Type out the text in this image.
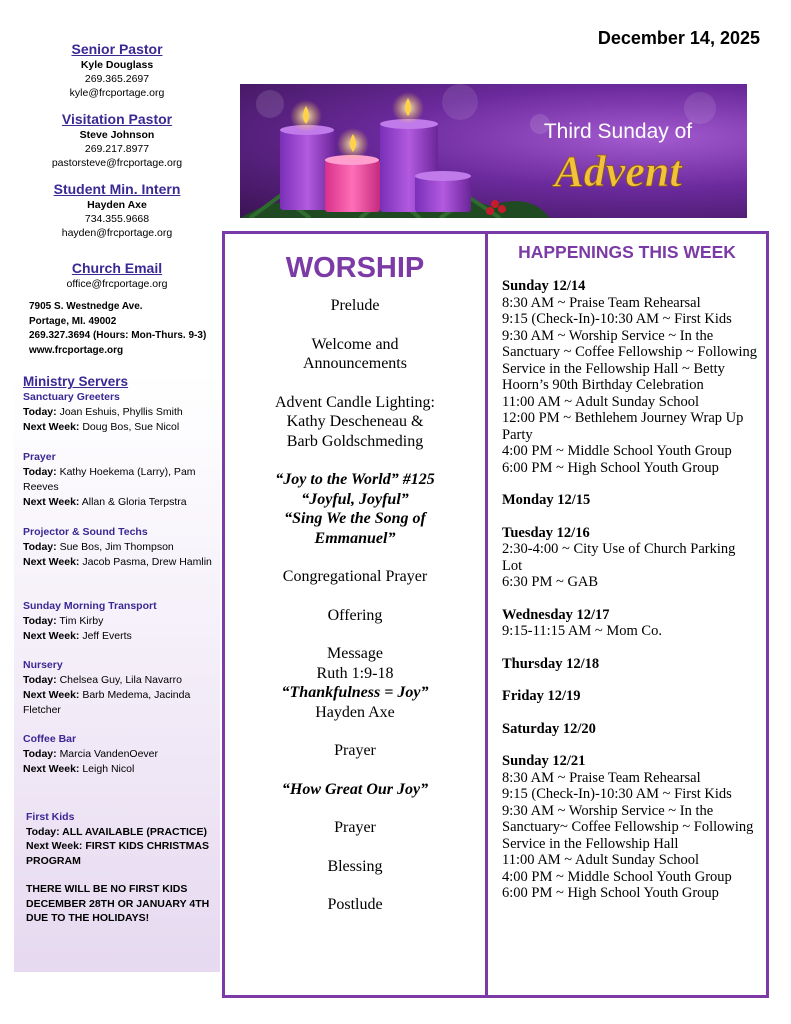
December 14, 2025
Senior Pastor
Kyle Douglass
269.365.2697
kyle@frcportage.org
Visitation Pastor
Steve Johnson
269.217.8977
pastorsteve@frcportage.org
Student Min. Intern
Hayden Axe
734.355.9668
hayden@frcportage.org
Church Email
office@frcportage.org
7905 S. Westnedge Ave.
Portage, MI. 49002
269.327.3694 (Hours: Mon-Thurs. 9-3)
www.frcportage.org
Ministry Servers
Sanctuary Greeters
Today: Joan Eshuis, Phyllis Smith
Next Week: Doug Bos, Sue Nicol
Prayer
Today: Kathy Hoekema (Larry), Pam Reeves
Next Week: Allan & Gloria Terpstra
Projector & Sound Techs
Today: Sue Bos, Jim Thompson
Next Week: Jacob Pasma, Drew Hamlin
Sunday Morning Transport
Today: Tim Kirby
Next Week: Jeff Everts
Nursery
Today: Chelsea Guy, Lila Navarro
Next Week: Barb Medema, Jacinda Fletcher
Coffee Bar
Today: Marcia VandenOever
Next Week: Leigh Nicol
First Kids
Today: ALL AVAILABLE (PRACTICE)
Next Week: FIRST KIDS CHRISTMAS PROGRAM
THERE WILL BE NO FIRST KIDS DECEMBER 28TH OR JANUARY 4TH DUE TO THE HOLIDAYS!
Third Sunday of
Advent
WORSHIP
Prelude
Welcome and
Announcements
Advent Candle Lighting:
Kathy Descheneau &
Barb Goldschmeding
“Joy to the World” #125
“Joyful, Joyful”
“Sing We the Song of
Emmanuel”
Congregational Prayer
Offering
Message
Ruth 1:9-18
“Thankfulness = Joy”
Hayden Axe
Prayer
“How Great Our Joy”
Prayer
Blessing
Postlude
HAPPENINGS THIS WEEK
Sunday 12/14
8:30 AM ~ Praise Team Rehearsal
9:15 (Check-In)-10:30 AM ~ First Kids
9:30 AM ~ Worship Service ~ In the Sanctuary ~ Coffee Fellowship ~ Following Service in the Fellowship Hall ~ Betty Hoorn’s 90th Birthday Celebration
11:00 AM ~ Adult Sunday School
12:00 PM ~ Bethlehem Journey Wrap Up Party
4:00 PM ~ Middle School Youth Group
6:00 PM ~ High School Youth Group
Monday 12/15
Tuesday 12/16
2:30-4:00 ~ City Use of Church Parking Lot
6:30 PM ~ GAB
Wednesday 12/17
9:15-11:15 AM ~ Mom Co.
Thursday 12/18
Friday 12/19
Saturday 12/20
Sunday 12/21
8:30 AM ~ Praise Team Rehearsal
9:15 (Check-In)-10:30 AM ~ First Kids
9:30 AM ~ Worship Service ~ In the Sanctuary~ Coffee Fellowship ~ Following Service in the Fellowship Hall
11:00 AM ~ Adult Sunday School
4:00 PM ~ Middle School Youth Group
6:00 PM ~ High School Youth Group
